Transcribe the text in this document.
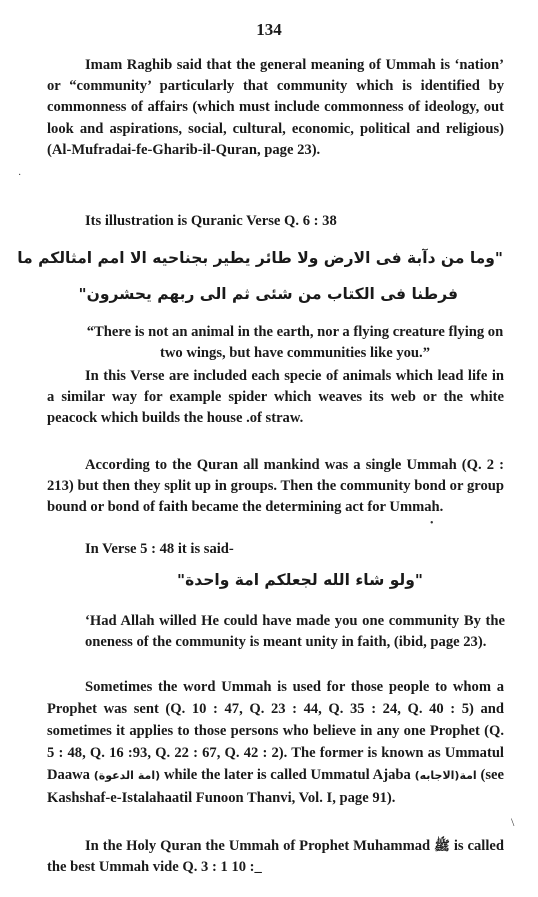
134

Imam Raghib said that the general meaning of Ummah is ‘nation’ or “community’ particularly that community which is identified by commonness of affairs (which must include commonness of ideology, out look and aspirations, social, cultural, economic, political and religious) (Al-Mufradai-fe-Gharib-il-Quran, page 23).

Its illustration is Quranic Verse Q. 6 : 38

"وما من دآبة فى الارض ولا طائر يطير بجناحيه الا امم امثالكم ما

فرطنا فى الكتاب من شئى ثم الى ربهم يحشرون"

“There is not an animal in the earth, nor a flying creature flying on two wings, but have communities like you.”

In this Verse are included each specie of animals which lead life in a similar way for example spider which weaves its web or the white peacock which builds the house .of straw.

According to the Quran all mankind was a single Ummah (Q. 2 : 213) but then they split up in groups. Then the community bond or group bound or bond of faith became the determining act for Ummah.

In Verse 5 : 48 it is said-

"ولو شاء الله لجعلكم امة واحدة"

‘Had Allah willed He could have made you one community By the oneness of the community is meant unity in faith, (ibid, page 23).

Sometimes the word Ummah is used for those people to whom a Prophet was sent (Q. 10 : 47, Q. 23 : 44, Q. 35 : 24, Q. 40 : 5) and sometimes it applies to those persons who believe in any one Prophet (Q. 5 : 48, Q. 16 :93, Q. 22 : 67, Q. 42 : 2). The former is known as Ummatul Daawa (امة الدعوة) while the later is called Ummatul Ajaba (الاجابه)امة (see Kashshaf-e-Istalahaatil Funoon Thanvi, Vol. I, page 91).

In the Holy Quran the Ummah of Prophet Muhammad ﷺ is called the best Ummah vide Q. 3 : 1 10 :_

·
•
\
